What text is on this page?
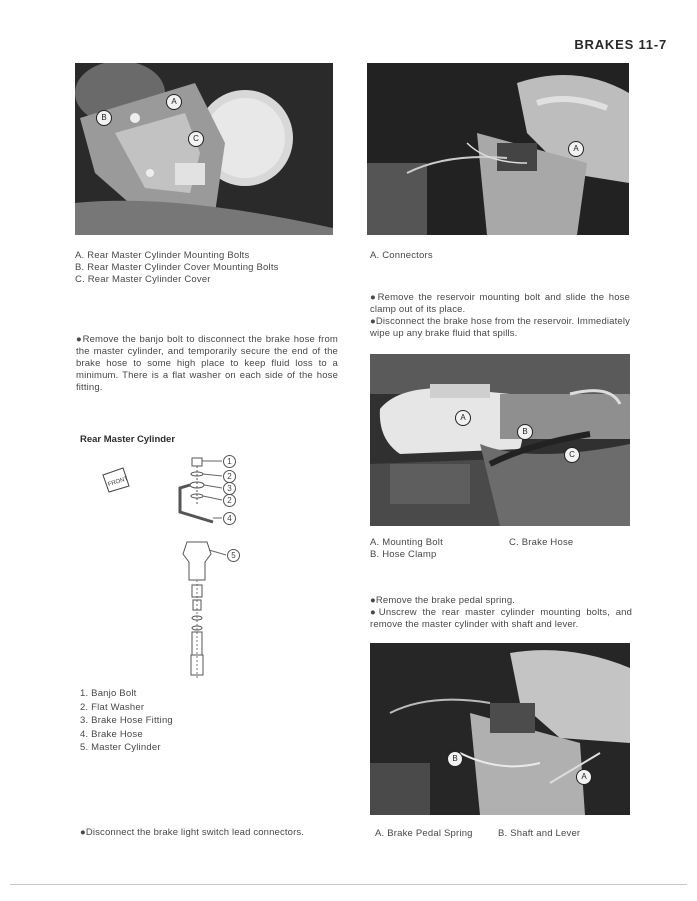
BRAKES 11-7
A
B
C
A. Rear Master Cylinder Mounting Bolts
B. Rear Master Cylinder Cover Mounting Bolts
C. Rear Master Cylinder Cover
A
A. Connectors

●Remove the reservoir mounting bolt and slide the hose clamp out of its place.

●Disconnect the brake hose from the reservoir. Immediately wipe up any brake fluid that spills.

●Remove the banjo bolt to disconnect the brake hose from the master cylinder, and temporarily secure the end of the brake hose to some high place to keep fluid loss to a minimum. There is a flat washer on each side of the hose fitting.

Rear Master Cylinder
FRONT
1
2
3
2
4
5
1. Banjo Bolt
2. Flat Washer
3. Brake Hose Fitting
4. Brake Hose
5. Master Cylinder
A
B
C
A. Mounting Bolt
B. Hose Clamp
C. Brake Hose

●Remove the brake pedal spring.

●Unscrew the rear master cylinder mounting bolts, and remove the master cylinder with shaft and lever.

B
A
A. Brake Pedal Spring	B. Shaft and Lever

●Disconnect the brake light switch lead connectors.
